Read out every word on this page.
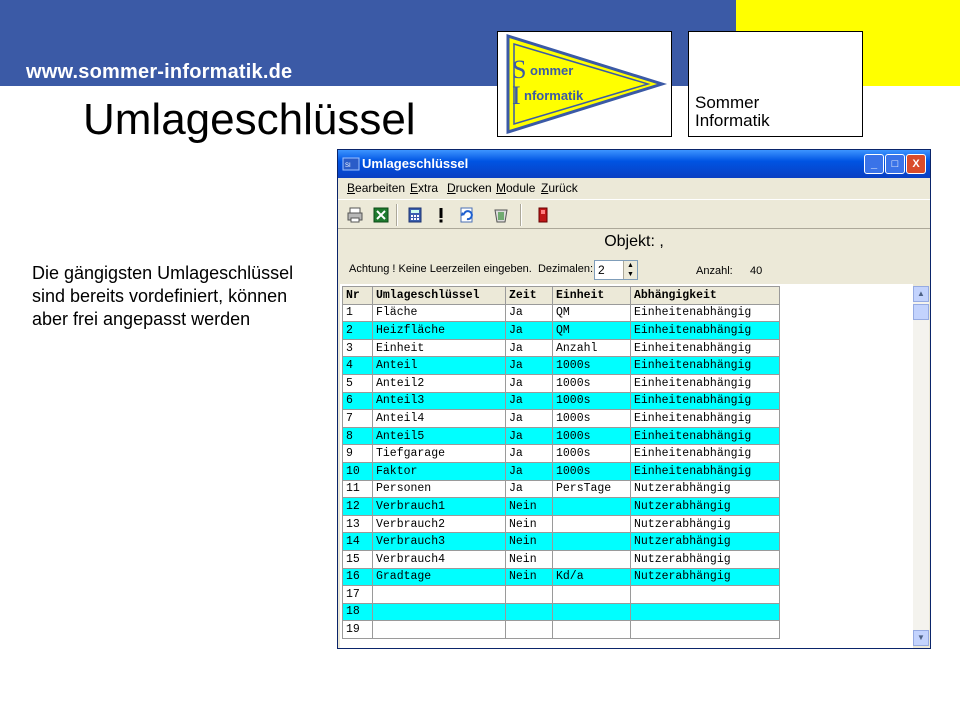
www.sommer-informatik.de
Umlageschlüssel
S ommer
I nformatik	Sommer
Informatik
Die gängigsten Umlageschlüssel sind bereits vordefiniert, können aber frei angepasst werden
SI Umlageschlüssel	_	□	X
Bearbeiten Extra Drucken Module Zurück
Objekt: ,
Achtung ! Keine Leerzeilen eingeben. Dezimalen: 2	▲
▼	Anzahl: 40
Nr	Umlageschlüssel	Zeit	Einheit	Abhängigkeit
1	Fläche	Ja	QM	Einheitenabhängig
2	Heizfläche	Ja	QM	Einheitenabhängig
3	Einheit	Ja	Anzahl	Einheitenabhängig
4	Anteil	Ja	1000s	Einheitenabhängig
5	Anteil2	Ja	1000s	Einheitenabhängig
6	Anteil3	Ja	1000s	Einheitenabhängig
7	Anteil4	Ja	1000s	Einheitenabhängig
8	Anteil5	Ja	1000s	Einheitenabhängig
9	Tiefgarage	Ja	1000s	Einheitenabhängig
10	Faktor	Ja	1000s	Einheitenabhängig
11	Personen	Ja	PersTage	Nutzerabhängig
12	Verbrauch1	Nein		Nutzerabhängig
13	Verbrauch2	Nein		Nutzerabhängig
14	Verbrauch3	Nein		Nutzerabhängig
15	Verbrauch4	Nein		Nutzerabhängig
16	Gradtage	Nein	Kd/a	Nutzerabhängig
17				
18				
19				
▲
▼
